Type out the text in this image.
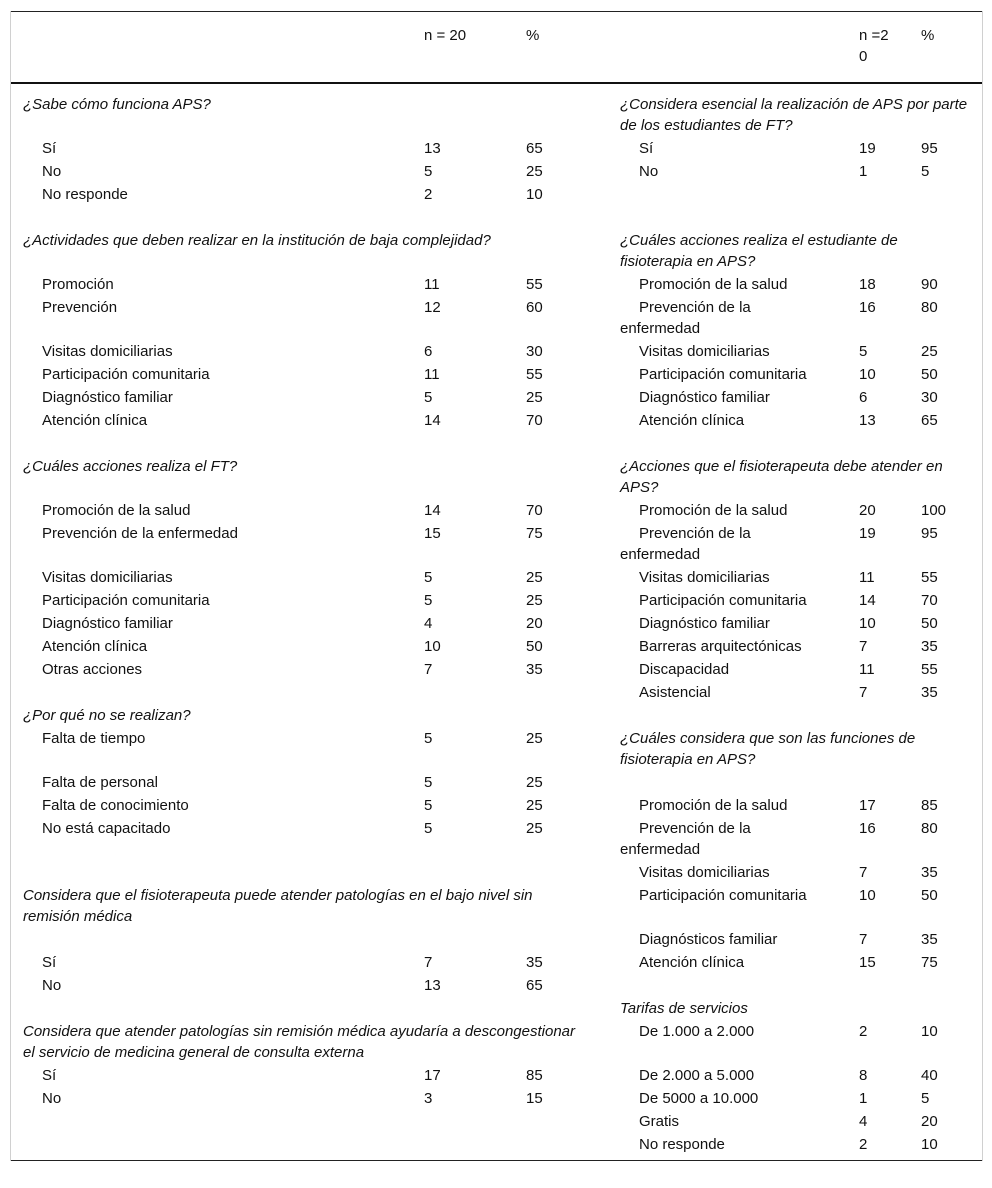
	n = 20	%		n =20	%
¿Sabe cómo funciona APS?			¿Considera esencial la realización de APS por parte de los estudiantes de FT?		
Sí	13	65	Sí	19	95
No	5	25	No	1	5
No responde	2	10			

¿Actividades que deben realizar en la institución de baja complejidad?			¿Cuáles acciones realiza el estudiante de fisioterapia en APS?		
Promoción	11	55	Promoción de la salud	18	90
Prevención	12	60	Prevención de la enfermedad	16	80
Visitas domiciliarias	6	30	Visitas domiciliarias	5	25
Participación comunitaria	11	55	Participación comunitaria	10	50
Diagnóstico familiar	5	25	Diagnóstico familiar	6	30
Atención clínica	14	70	Atención clínica	13	65

¿Cuáles acciones realiza el FT?			¿Acciones que el fisioterapeuta debe atender en APS?		
Promoción de la salud	14	70	Promoción de la salud	20	100
Prevención de la enfermedad	15	75	Prevención de la enfermedad	19	95
Visitas domiciliarias	5	25	Visitas domiciliarias	11	55
Participación comunitaria	5	25	Participación comunitaria	14	70
Diagnóstico familiar	4	20	Diagnóstico familiar	10	50
Atención clínica	10	50	Barreras arquitectónicas	7	35
Otras acciones	7	35	Discapacidad	11	55
			Asistencial	7	35
¿Por qué no se realizan?					
Falta de tiempo	5	25	¿Cuáles considera que son las funciones de fisioterapia en APS?		
Falta de personal	5	25			
Falta de conocimiento	5	25	Promoción de la salud	17	85
No está capacitado	5	25	Prevención de la enfermedad	16	80
			Visitas domiciliarias	7	35
Considera que el fisioterapeuta puede atender patologías en el bajo nivel sin remisión médica			Participación comunitaria	10	50
			Diagnósticos familiar	7	35
Sí	7	35	Atención clínica	15	75
No	13	65			
			Tarifas de servicios		
Considera que atender patologías sin remisión médica ayudaría a descongestionar el servicio de medicina general de consulta externa			De 1.000 a 2.000	2	10
Sí	17	85	De 2.000 a 5.000	8	40
No	3	15	De 5000 a 10.000	1	5
			Gratis	4	20
			No responde	2	10
